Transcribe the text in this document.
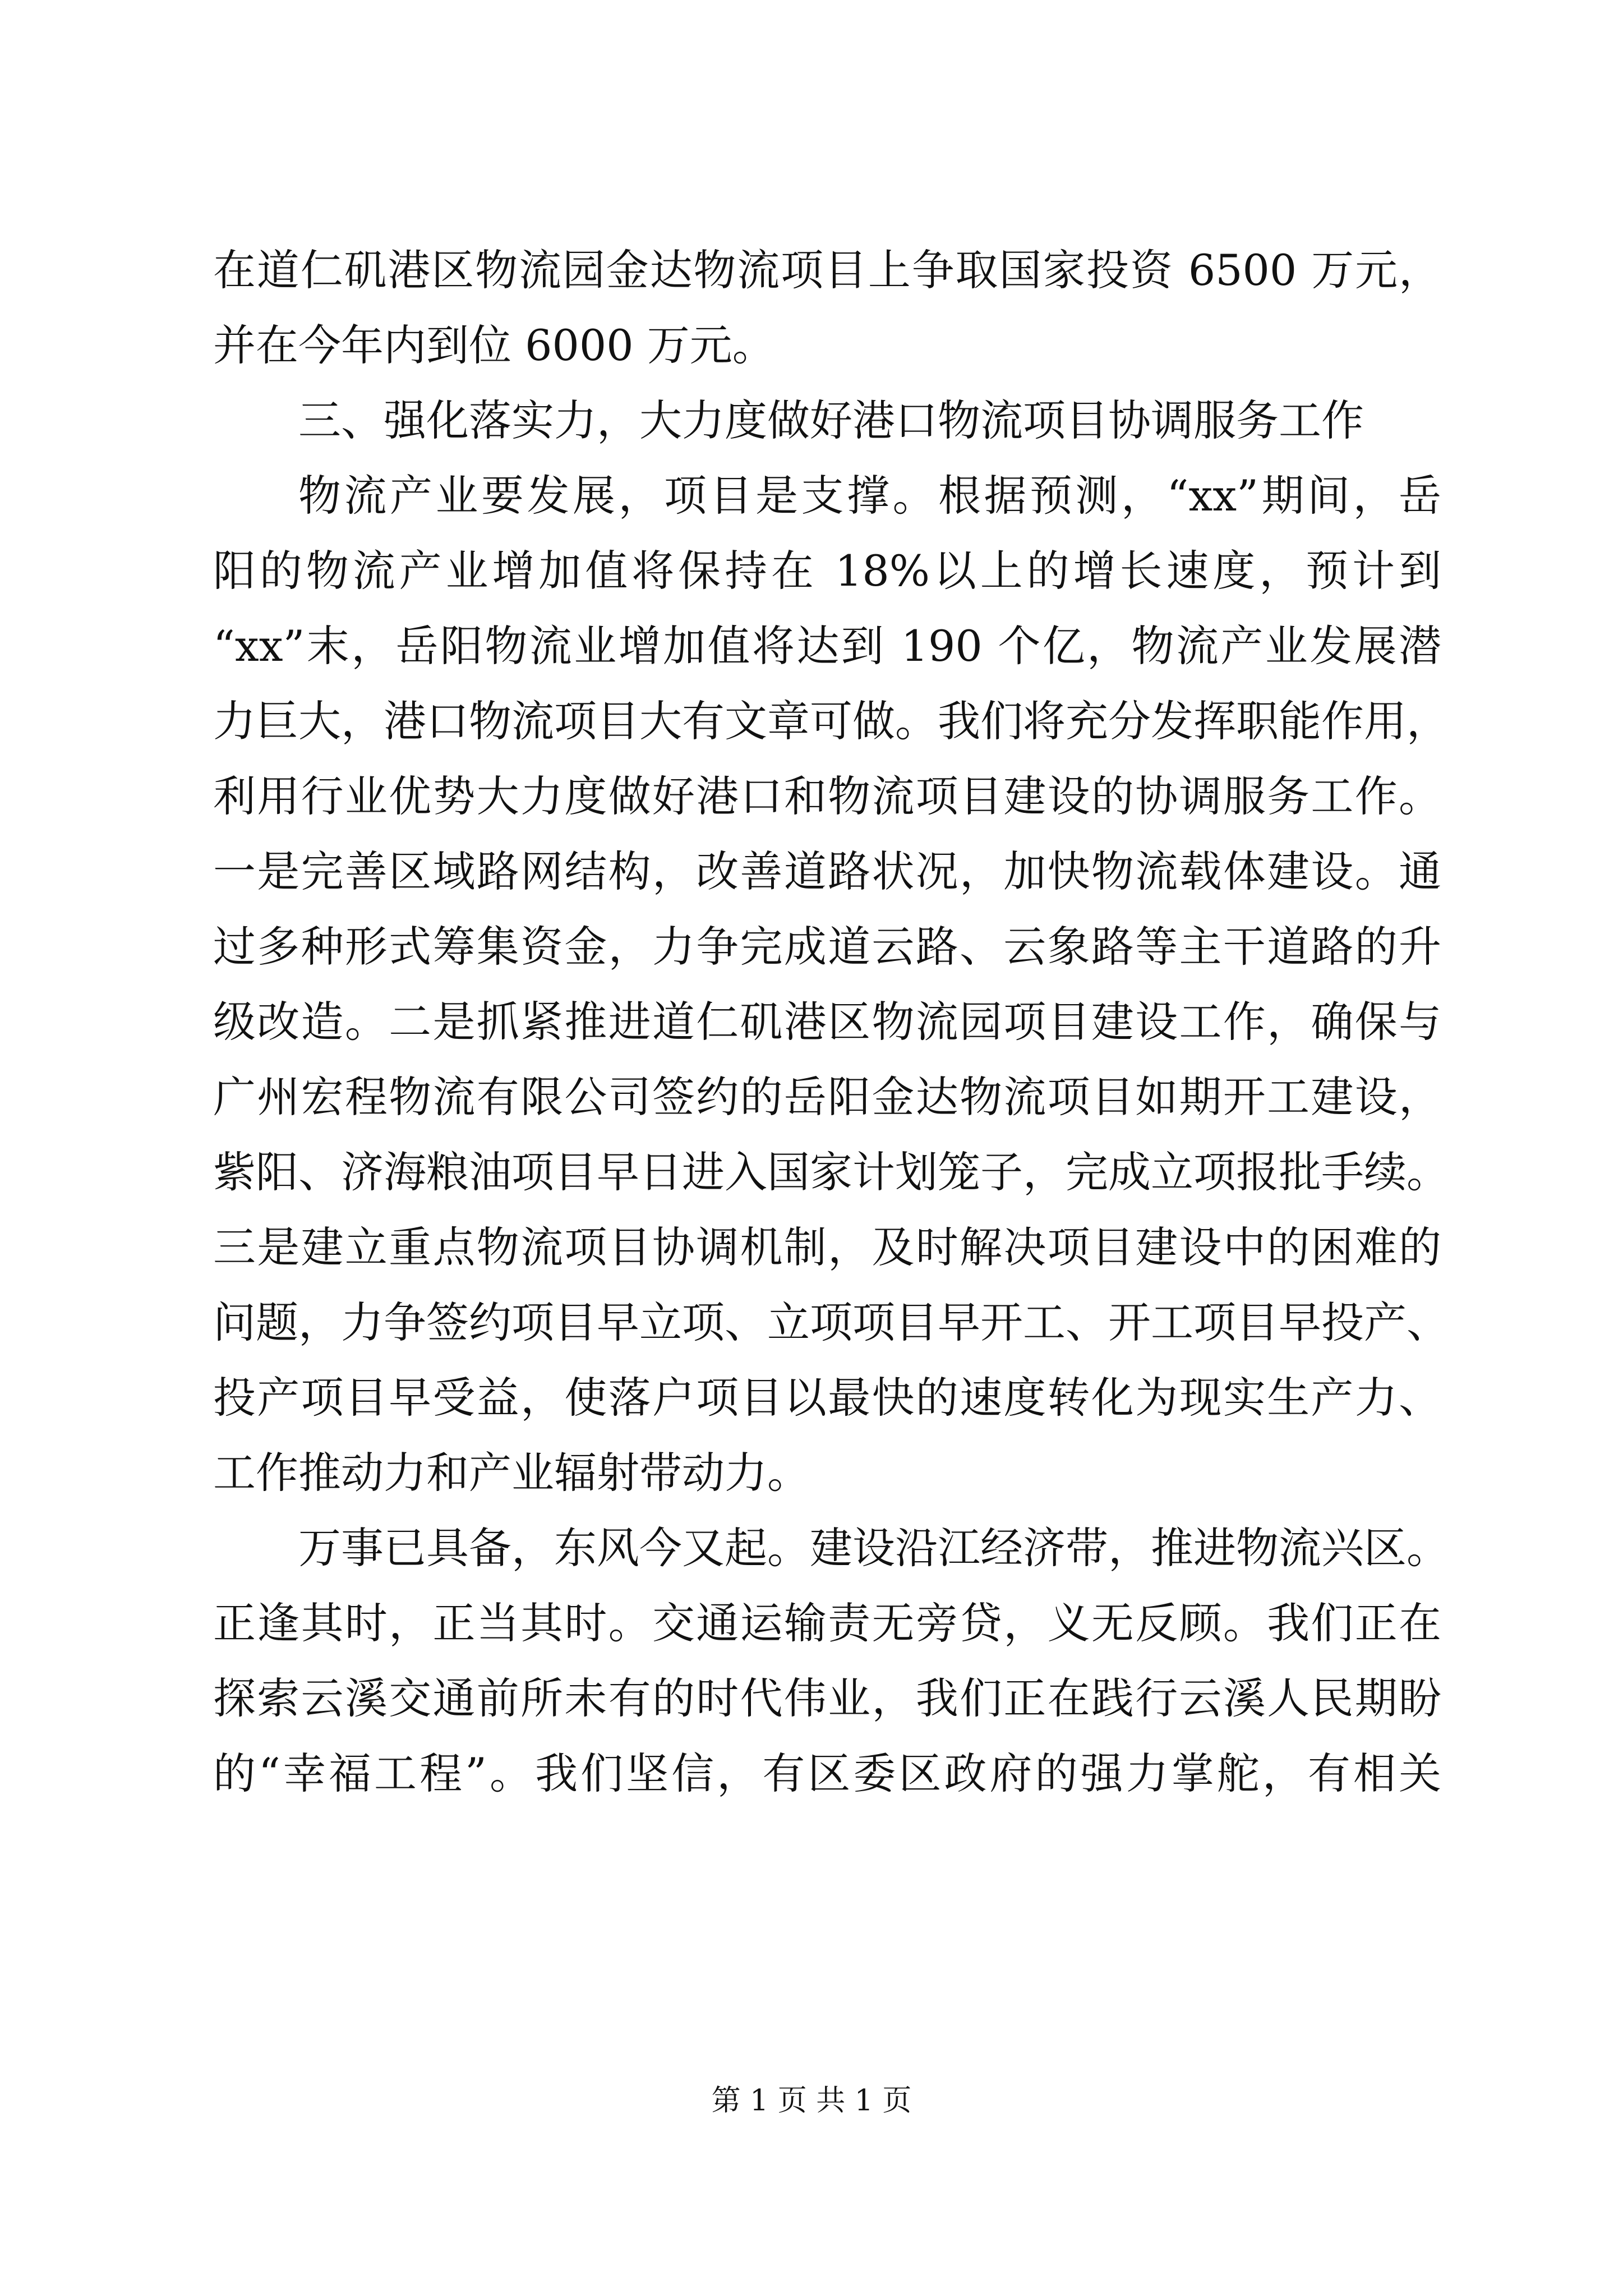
在道仁矶港区物流园金达物流项目上争取国家投资 6500 万元，
并在今年内到位 6000 万元。
三、强化落实力，大力度做好港口物流项目协调服务工作
物流产业要发展，项目是支撑。根据预测，“xx”期间，岳
阳的物流产业增加值将保持在 18%以上的增长速度，预计到
“xx”末，岳阳物流业增加值将达到 190 个亿，物流产业发展潜
力巨大，港口物流项目大有文章可做。我们将充分发挥职能作用，
利用行业优势大力度做好港口和物流项目建设的协调服务工作。
一是完善区域路网结构，改善道路状况，加快物流载体建设。通
过多种形式筹集资金，力争完成道云路、云象路等主干道路的升
级改造。二是抓紧推进道仁矶港区物流园项目建设工作，确保与
广州宏程物流有限公司签约的岳阳金达物流项目如期开工建设，
紫阳、济海粮油项目早日进入国家计划笼子，完成立项报批手续。
三是建立重点物流项目协调机制，及时解决项目建设中的困难的
问题，力争签约项目早立项、立项项目早开工、开工项目早投产、
投产项目早受益，使落户项目以最快的速度转化为现实生产力、
工作推动力和产业辐射带动力。
万事已具备，东风今又起。建设沿江经济带，推进物流兴区。
正逢其时，正当其时。交通运输责无旁贷，义无反顾。我们正在
探索云溪交通前所未有的时代伟业，我们正在践行云溪人民期盼
的“幸福工程”。我们坚信，有区委区政府的强力掌舵，有相关
第 1 页 共 1 页
